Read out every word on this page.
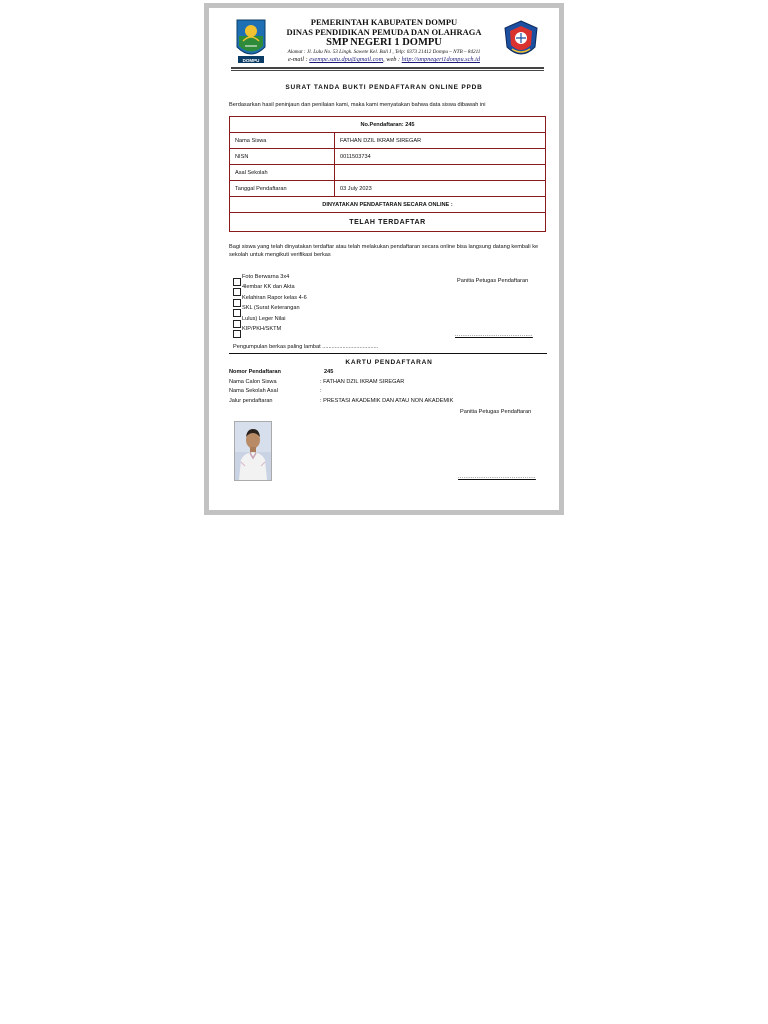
DOMPU
PEMERINTAH KABUPATEN DOMPU
DINAS PENDIDIKAN PEMUDA DAN OLAHRAGA
SMP NEGERI 1 DOMPU
Alamat : Jl. Lulu No. 53 Lingk. Sawete Kel. Bali I , Telp: 0373 21412 Dompu – NTB – 84211
e-mail : esempe.satu.dpu@gmail.com, web : http://smpnegeri1dompu.sch.id
SURAT TANDA BUKTI PENDAFTARAN ONLINE PPDB
Berdasarkan hasil peninjaun dan penilaian kami, maka kami menyatakan bahwa data siswa dibawah ini
No.Pendaftaran: 245	
Nama Siswa	FATHAN DZIL IKRAM SIREGAR
NISN	0011503734
Asal Sekolah	
Tanggal Pendaftaran	03 July 2023
DINYATAKAN PENDAFTARAN SECARA ONLINE :	
TELAH TERDAFTAR	
Bagi siswa yang telah dinyatakan terdaftar atau telah melakukan pendaftaran secara online bisa langsung datang kembali ke sekolah untuk mengikuti verifikasi berkas
Foto Berwarna 3x4
4lembar KK dan Akta
Kelahiran Rapor kelas 4-6
SKL (Surat Keterangan
Lulus) Leger Nilai
KIP/PKH/SKTM
Panitia Petugas Pendaftaran
..........................................
Pengumpulan berkas paling lambat ....................................
KARTU PENDAFTARAN
Nomor Pendaftaran	245
Nama Calon Siswa	: FATHAN DZIL IKRAM SIREGAR
Nama Sekolah Asal	:
Jalur pendaftaran	: PRESTASI AKADEMIK DAN ATAU NON AKADEMIK
Panitia Petugas Pendaftaran
..........................................
